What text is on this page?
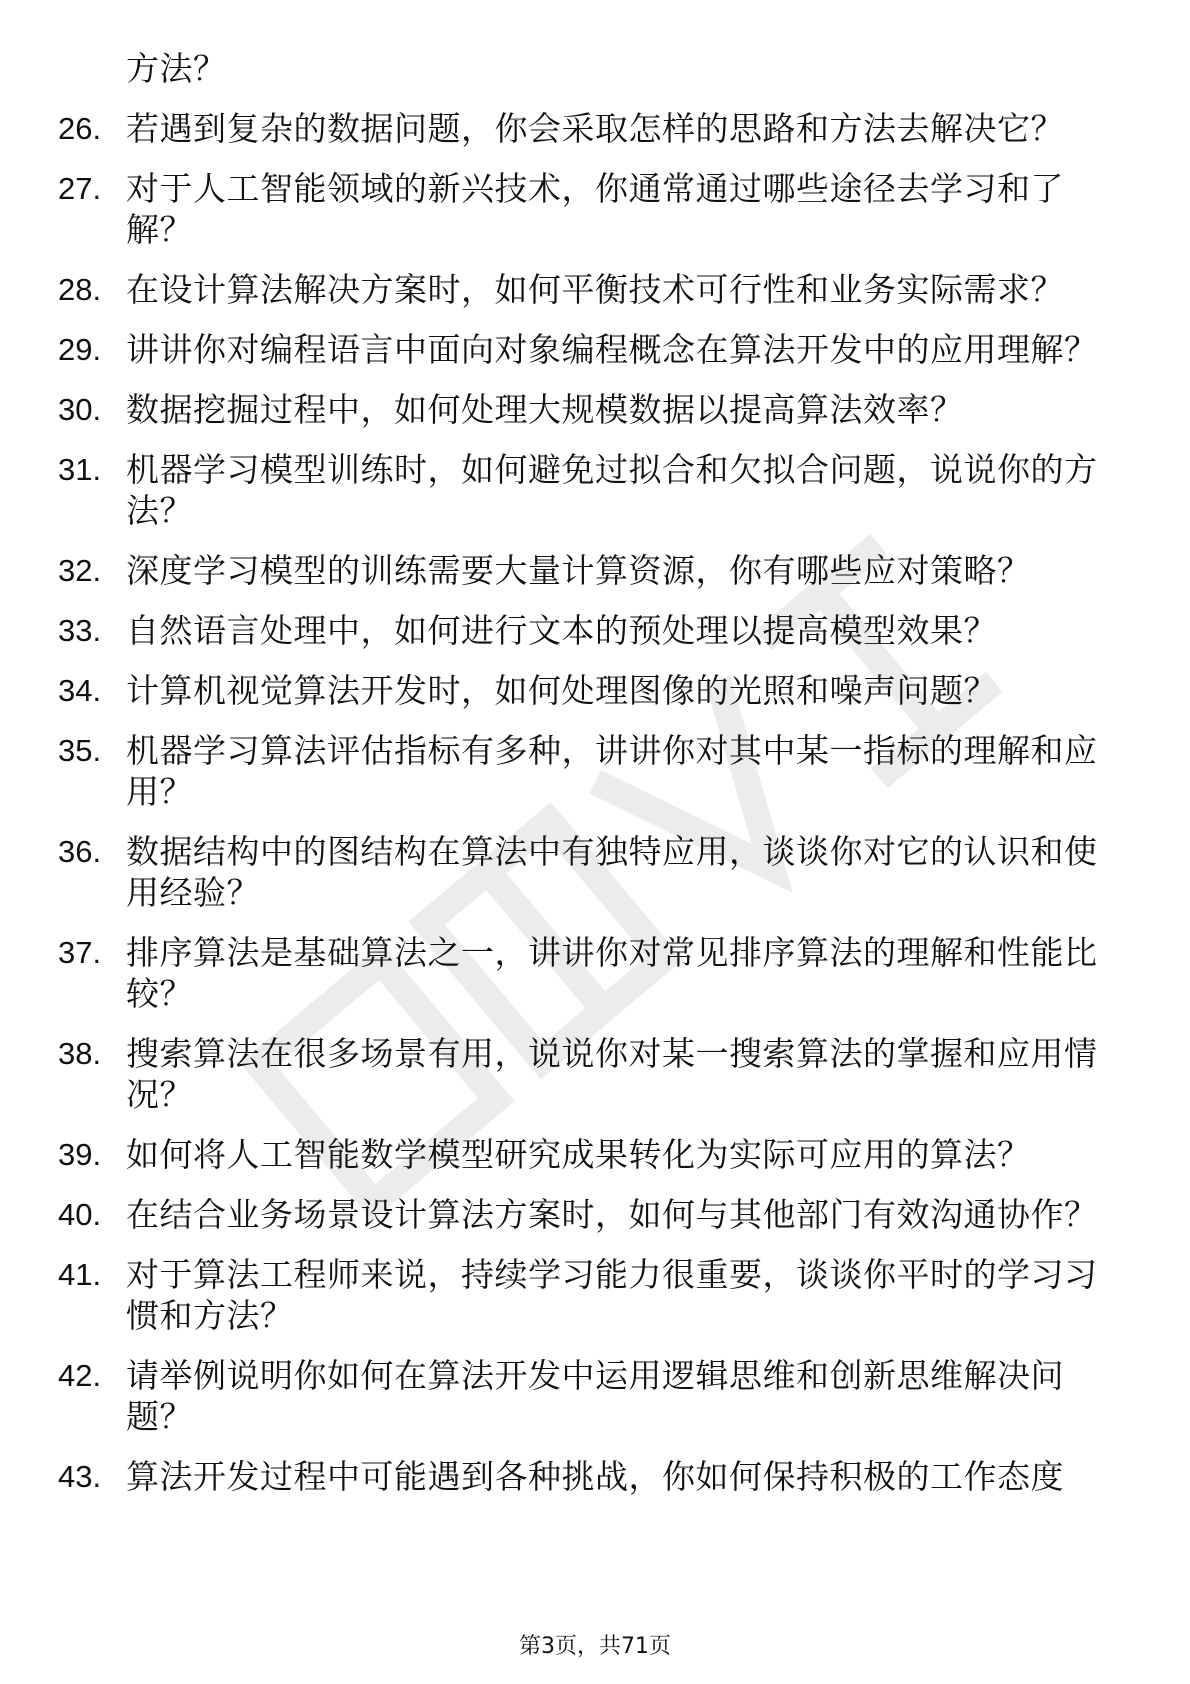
方法？
26. 若遇到复杂的数据问题，你会采取怎样的思路和方法去解决它？
27. 对于人工智能领域的新兴技术，你通常通过哪些途径去学习和了解？
28. 在设计算法解决方案时，如何平衡技术可行性和业务实际需求？
29. 讲讲你对编程语言中面向对象编程概念在算法开发中的应用理解？
30. 数据挖掘过程中，如何处理大规模数据以提高算法效率？
31. 机器学习模型训练时，如何避免过拟合和欠拟合问题，说说你的方法？
32. 深度学习模型的训练需要大量计算资源，你有哪些应对策略？
33. 自然语言处理中，如何进行文本的预处理以提高模型效果？
34. 计算机视觉算法开发时，如何处理图像的光照和噪声问题？
35. 机器学习算法评估指标有多种，讲讲你对其中某一指标的理解和应用？
36. 数据结构中的图结构在算法中有独特应用，谈谈你对它的认识和使用经验？
37. 排序算法是基础算法之一，讲讲你对常见排序算法的理解和性能比较？
38. 搜索算法在很多场景有用，说说你对某一搜索算法的掌握和应用情况？
39. 如何将人工智能数学模型研究成果转化为实际可应用的算法？
40. 在结合业务场景设计算法方案时，如何与其他部门有效沟通协作？
41. 对于算法工程师来说，持续学习能力很重要，谈谈你平时的学习习惯和方法？
42. 请举例说明你如何在算法开发中运用逻辑思维和创新思维解决问题？
43. 算法开发过程中可能遇到各种挑战，你如何保持积极的工作态度
第3页，共71页
